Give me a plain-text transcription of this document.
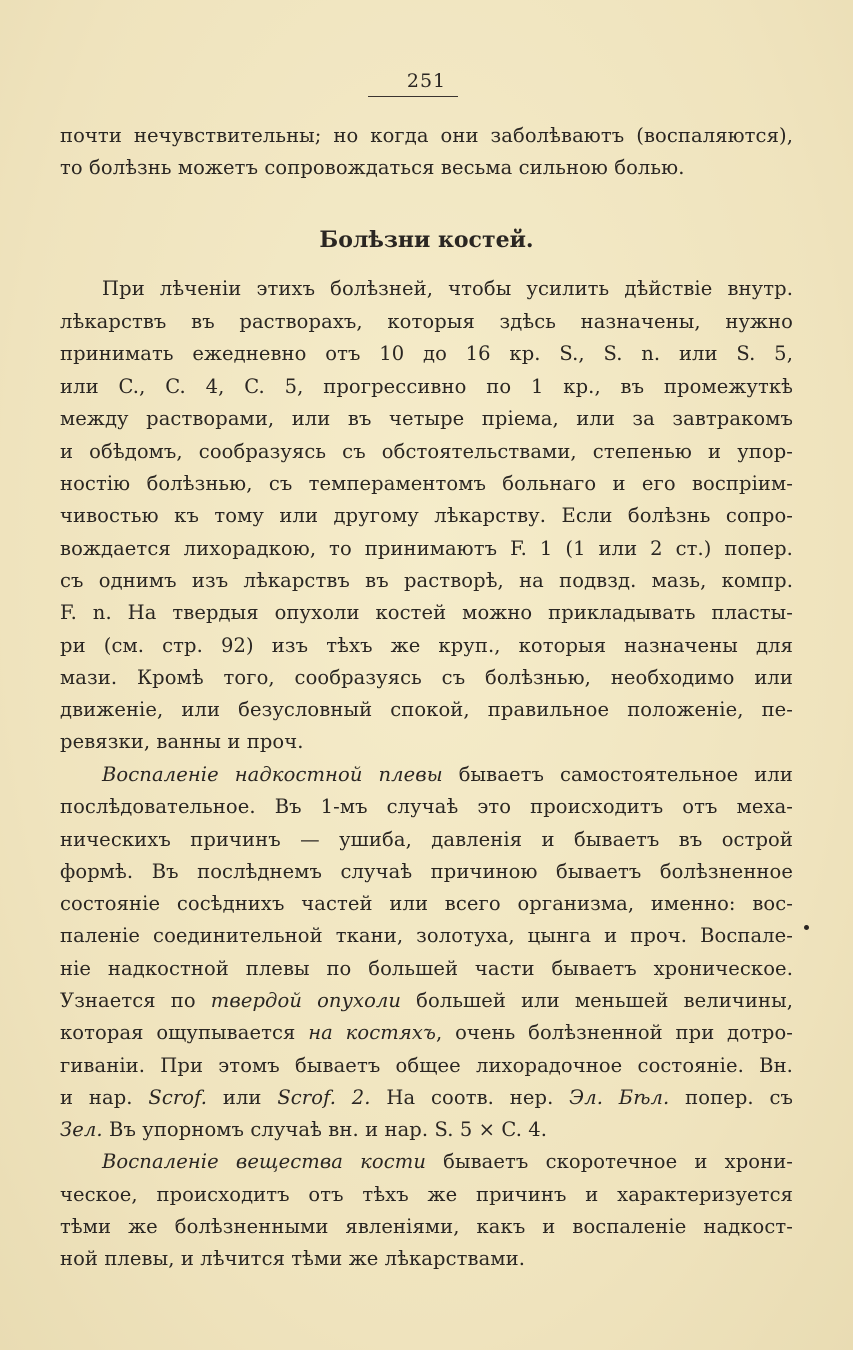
251
почти нечувствительны; но когда они заболѣваютъ (воспаляются),
то болѣзнь можетъ сопровождаться весьма сильною болью.
Болѣзни костей.
При лѣченіи этихъ болѣзней, чтобы усилить дѣйствіе внутр.
лѣкарствъ въ растворахъ, которыя здѣсь назначены, нужно
принимать ежедневно отъ 10 до 16 кр. S., S. n. или S. 5,
или C., C. 4, C. 5, прогрессивно по 1 кр., въ промежуткѣ
между растворами, или въ четыре пріема, или за завтракомъ
и обѣдомъ, сообразуясь съ обстоятельствами, степенью и упор-
ностію болѣзнью, съ темпераментомъ больнаго и его воспріим-
чивостью къ тому или другому лѣкарству. Если болѣзнь сопро-
вождается лихорадкою, то принимаютъ F. 1 (1 или 2 ст.) попер.
съ однимъ изъ лѣкарствъ въ растворѣ, на подвзд. мазь, компр.
F. n. На твердыя опухоли костей можно прикладывать пласты-
ри (см. стр. 92) изъ тѣхъ же круп., которыя назначены для
мази. Кромѣ того, сообразуясь съ болѣзнью, необходимо или
движеніе, или безусловный спокой, правильное положеніе, пе-
ревязки, ванны и проч.
Воспаленіе надкостной плевы бываетъ самостоятельное или
послѣдовательное. Въ 1-мъ случаѣ это происходитъ отъ меха-
ническихъ причинъ — ушиба, давленія и бываетъ въ острой
формѣ. Въ послѣднемъ случаѣ причиною бываетъ болѣзненное
состояніе сосѣднихъ частей или всего организма, именно: вос-
паленіе соединительной ткани, золотуха, цынга и проч. Воспале-
ніе надкостной плевы по большей части бываетъ хроническое.
Узнается по твердой опухоли большей или меньшей величины,
которая ощупывается на костяхъ, очень болѣзненной при дотро-
гиваніи. При этомъ бываетъ общее лихорадочное состояніе. Вн.
и нар. Scrof. или Scrof. 2. На соотв. нер. Эл. Бѣл. попер. съ
Зел. Въ упорномъ случаѣ вн. и нар. S. 5 × C. 4.
Воспаленіе вещества кости бываетъ скоротечное и хрони-
ческое, происходитъ отъ тѣхъ же причинъ и характеризуется
тѣми же болѣзненными явленіями, какъ и воспаленіе надкост-
ной плевы, и лѣчится тѣми же лѣкарствами.
